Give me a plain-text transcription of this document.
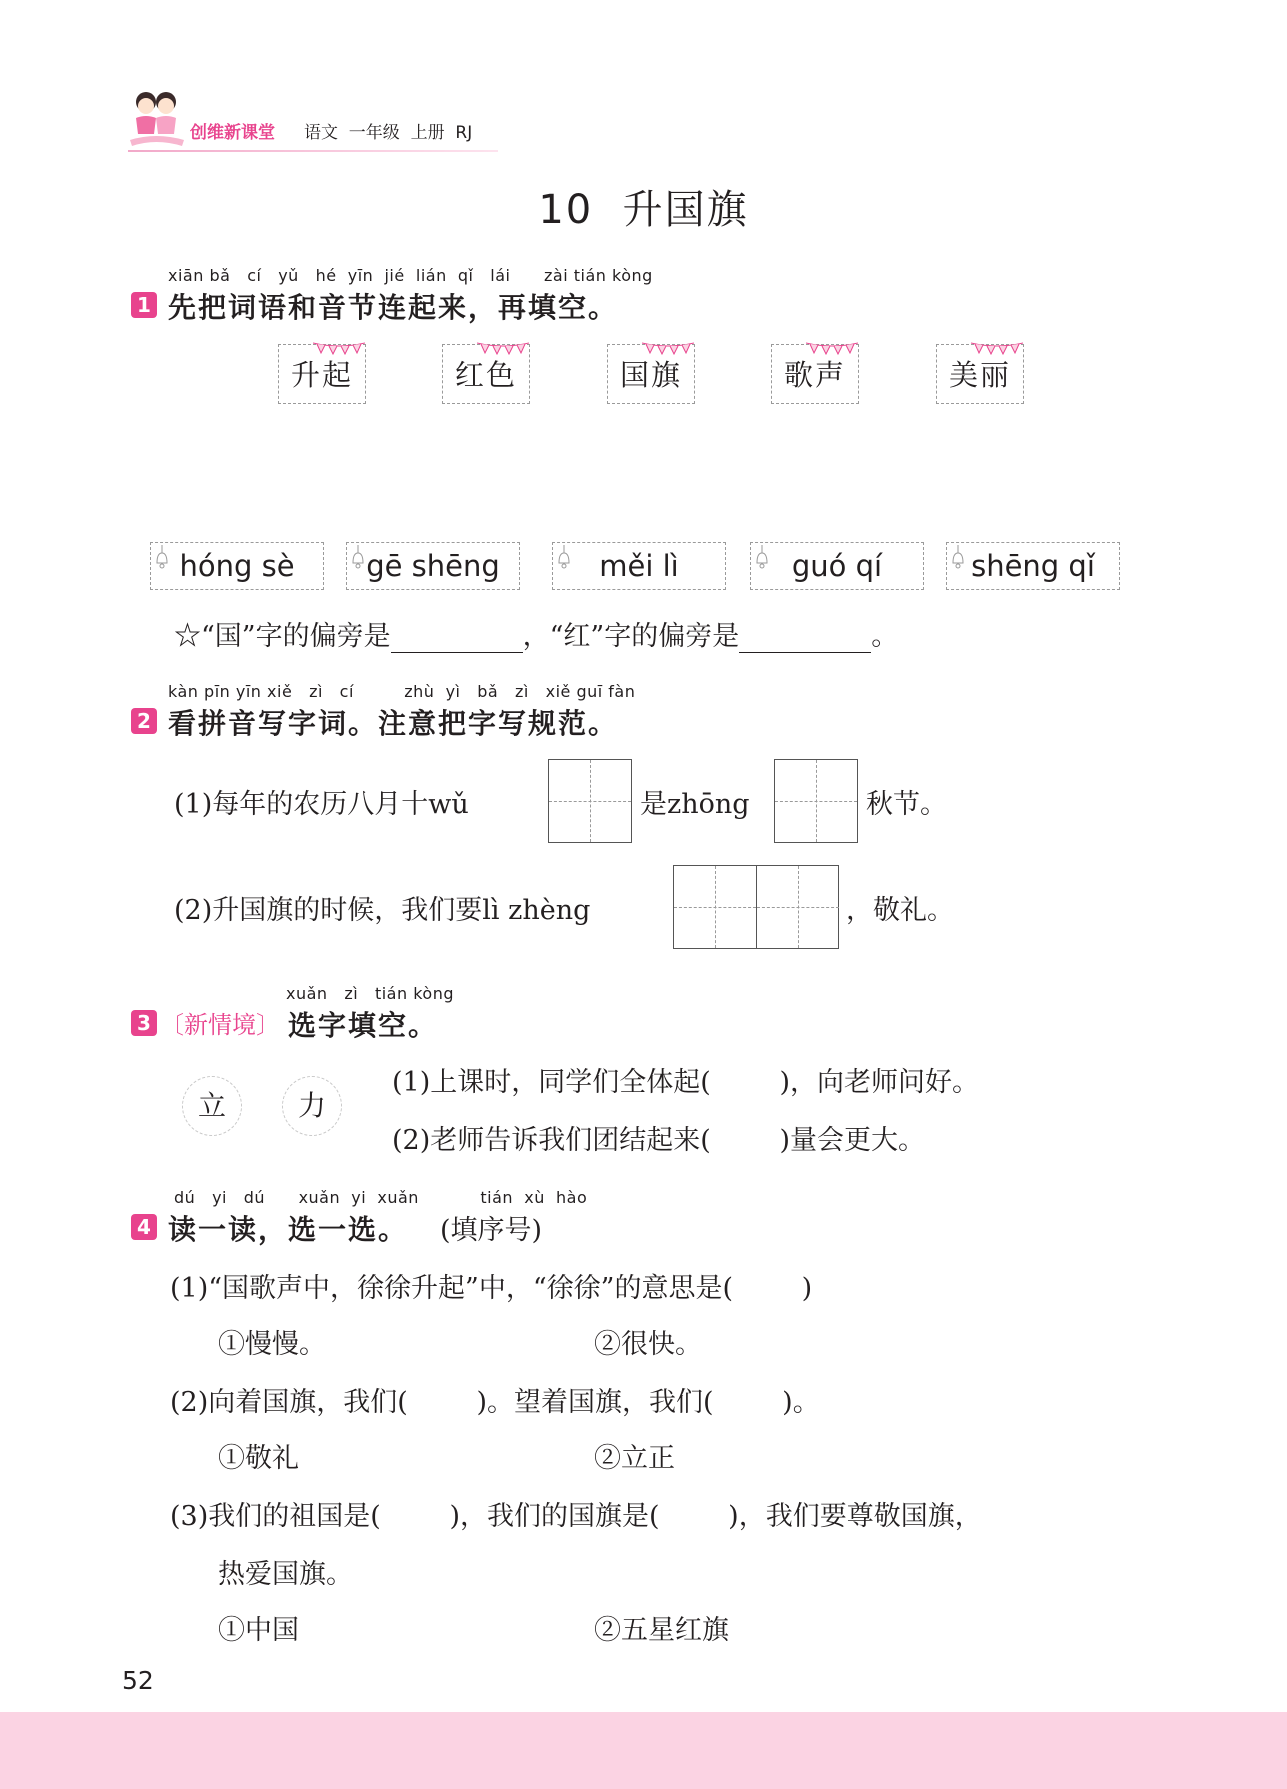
创维新课堂 语文  一年级  上册  RJ
10  升国旗
xiān bǎ cí yǔ hé yīn jié lián qǐ lái zài tián kòng
1 先把词语和音节连起来，再填空。
升起	红色	国旗	歌声	美丽
hóng sè	gē shēng	měi lì	guó qí	shēng qǐ
☆“国”字的偏旁是	，“红”字的偏旁是	。
kàn pīn yīn xiě zì cí	zhù yì bǎ zì xiě guī fàn
2 看拼音写字词。注意把字写规范。
(1)每年的农历八月十wǔ	是zhōng	秋节。
(2)升国旗的时候，我们要lì zhèng	，敬礼。
xuǎn zì tián kòng
3 〔新情境〕 选字填空。
立	力
(1)上课时，同学们全体起(        )，向老师问好。
(2)老师告诉我们团结起来(        )量会更大。
dú yi dú xuǎn yi xuǎn	tián xù hào
4 读一读，选一选。 (填序号)
(1)“国歌声中，徐徐升起”中，“徐徐”的意思是(        )
①慢慢。	②很快。
(2)向着国旗，我们(        )。望着国旗，我们(        )。
①敬礼	②立正
(3)我们的祖国是(        )，我们的国旗是(        )，我们要尊敬国旗，
热爱国旗。
①中国	②五星红旗
52
